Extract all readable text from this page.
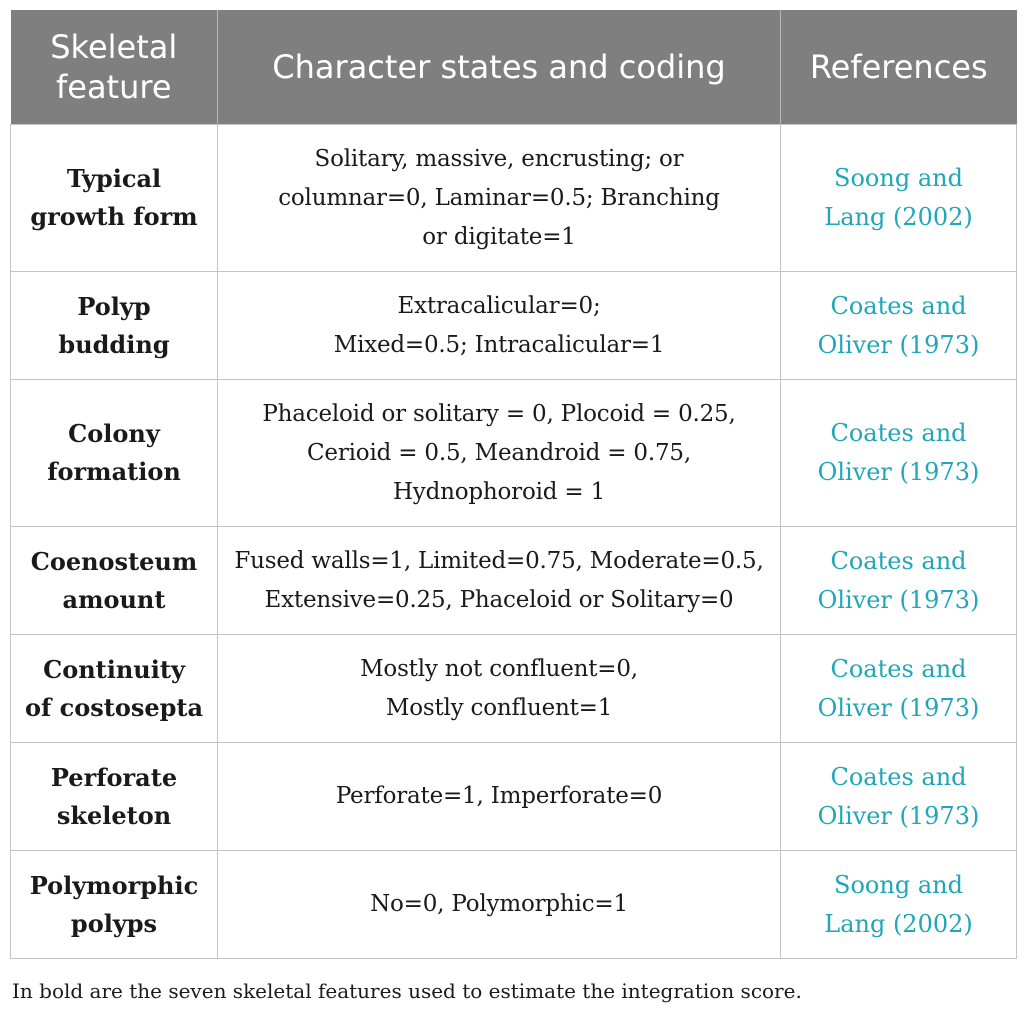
Skeletal
feature	Character states and coding	References

Typical
growth form	Solitary, massive, encrusting; or
columnar=0, Laminar=0.5; Branching
or digitate=1	Soong and
Lang (2002)

Polyp
budding	Extracalicular=0;
Mixed=0.5; Intracalicular=1	Coates and
Oliver (1973)

Colony
formation	Phaceloid or solitary = 0, Plocoid = 0.25,
Cerioid = 0.5, Meandroid = 0.75,
Hydnophoroid = 1	Coates and
Oliver (1973)

Coenosteum
amount	Fused walls=1, Limited=0.75, Moderate=0.5,
Extensive=0.25, Phaceloid or Solitary=0	Coates and
Oliver (1973)

Continuity
of costosepta	Mostly not confluent=0,
Mostly confluent=1	Coates and
Oliver (1973)

Perforate
skeleton	Perforate=1, Imperforate=0	Coates and
Oliver (1973)

Polymorphic
polyps	No=0, Polymorphic=1	Soong and
Lang (2002)
In bold are the seven skeletal features used to estimate the integration score.
